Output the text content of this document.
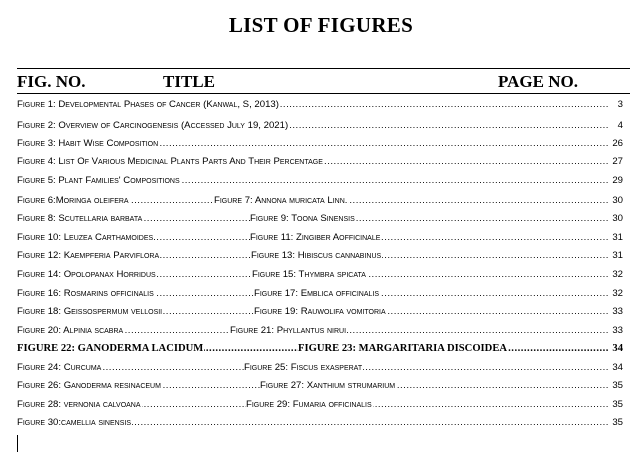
LIST OF FIGURES
FIG. NO.	TITLE	PAGE NO.
.....
Figure 1: Developmental Phases of Cancer (Kanwal, S, 2013)	3
.....
Figure 2: Overview of Carcinogenesis (Accessed July 19, 2021)	4
.....
Figure 3: Habit Wise Composition	26
.....
Figure 4: List Of Various Medicinal Plants Parts And Their Percentage	27
.....
Figure 5: Plant Families' Compositions	29
.....
Figure 6:Moringa oleifera	Figure 7: Annona muricata Linn.	30
.....
Figure 8: Scutellaria barbata	Figure 9: Toona Sinensis	30
.....
Figure 10: Leuzea Carthamoides	Figure 11: Zingiber Aofficinale	31
.....
Figure 12: Kaempferia Parviflora	Figure 13: Hibiscus cannabinus	31
.....
Figure 14: Opolopanax Horridus	Figure 15: Thymbra spicata	32
.....
Figure 16: Rosmarins officinalis	Figure 17: Emblica officinalis	32
.....
Figure 18: Geissospermum vellosii	Figure 19: Rauwolifa vomitoria	33
.....
Figure 20: Alpinia scabra	Figure 21: Phyllantus nirui	33
.....
FIGURE 22: GANODERMA LACIDUM	FIGURE 23: MARGARITARIA DISCOIDEA	34
.....
Figure 24: Curcuma	Figure 25: Fiscus exasperat	34
.....
Figure 26: Ganoderma resinaceum	Figure 27: Xanthium strumarium	35
.....
Figure 28: vernonia calvoana	Figure 29: Fumaria officinalis	35
.....
Figure 30:camellia sinensis	35
